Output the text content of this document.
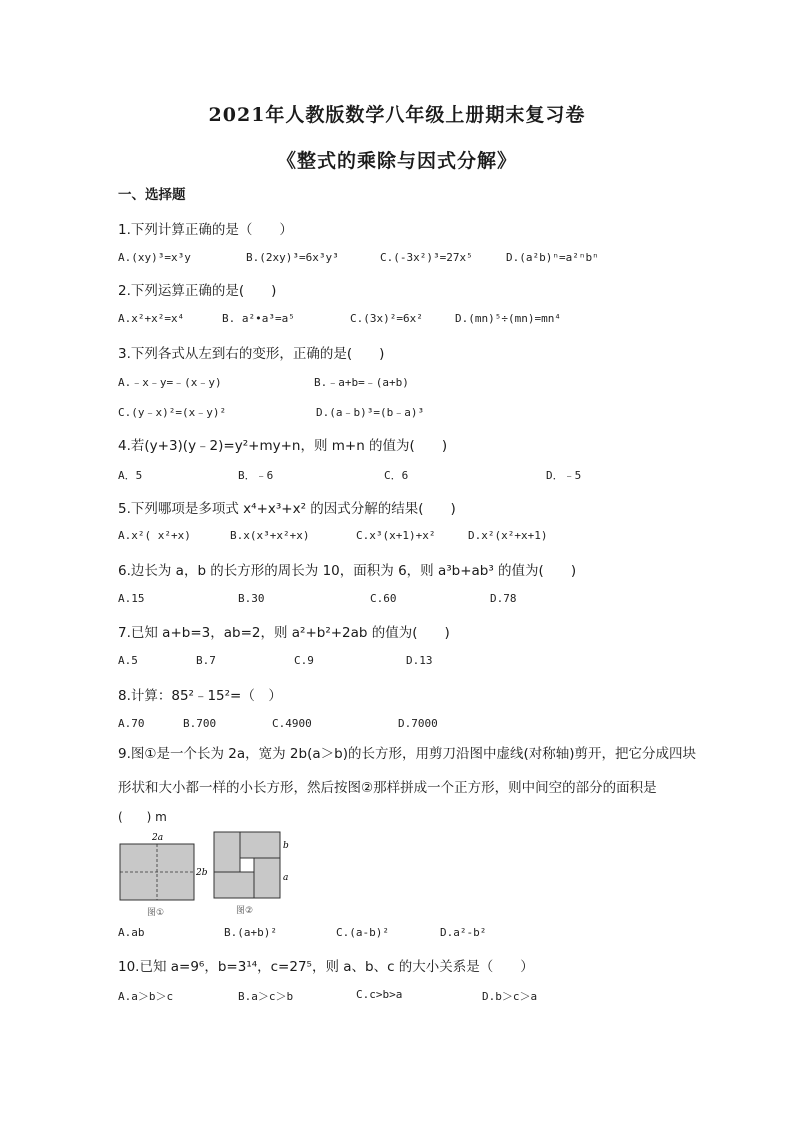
2021年人教版数学八年级上册期末复习卷
《整式的乘除与因式分解》
一、选择题
1.下列计算正确的是（　　）
A.(xy)³=x³y	B.(2xy)³=6x³y³	C.(-3x²)³=27x⁵	D.(a²b)ⁿ=a²ⁿbⁿ
2.下列运算正确的是(　　)
A.x²+x²=x⁴	B. a²•a³=a⁵	C.(3x)²=6x²	D.(mn)⁵÷(mn)=mn⁴
3.下列各式从左到右的变形，正确的是(　　)
A.﹣x﹣y=﹣(x﹣y)	B.﹣a+b=﹣(a+b)
C.(y﹣x)²=(x﹣y)²	D.(a﹣b)³=(b﹣a)³
4.若(y+3)(y﹣2)=y²+my+n，则 m+n 的值为(　　)
A．5	B．﹣6	C．6	D．﹣5
5.下列哪项是多项式 x⁴+x³+x² 的因式分解的结果(　　)
A.x²( x²+x)	B.x(x³+x²+x)	C.x³(x+1)+x²	D.x²(x²+x+1)
6.边长为 a，b 的长方形的周长为 10，面积为 6，则 a³b+ab³ 的值为(　　)
A.15	B.30	C.60	D.78
7.已知 a+b=3，ab=2，则 a²+b²+2ab 的值为(　　)
A.5	B.7	C.9	D.13
8.计算：85²﹣15²=（　）
A.70	B.700	C.4900	D.7000
9.图①是一个长为 2a，宽为 2b(a＞b)的长方形，用剪刀沿图中虚线(对称轴)剪开，把它分成四块形状和大小都一样的小长方形，然后按图②那样拼成一个正方形，则中间空的部分的面积是
(　　) m
2a
2b
图①
b
a
图②
A.ab	B.(a+b)²	C.(a-b)²	D.a²-b²
10.已知 a=9⁶，b=3¹⁴，c=27⁵，则 a、b、c 的大小关系是（　　）
A.a＞b＞c	B.a＞c＞b	C.c>b>a	D.b＞c＞a
